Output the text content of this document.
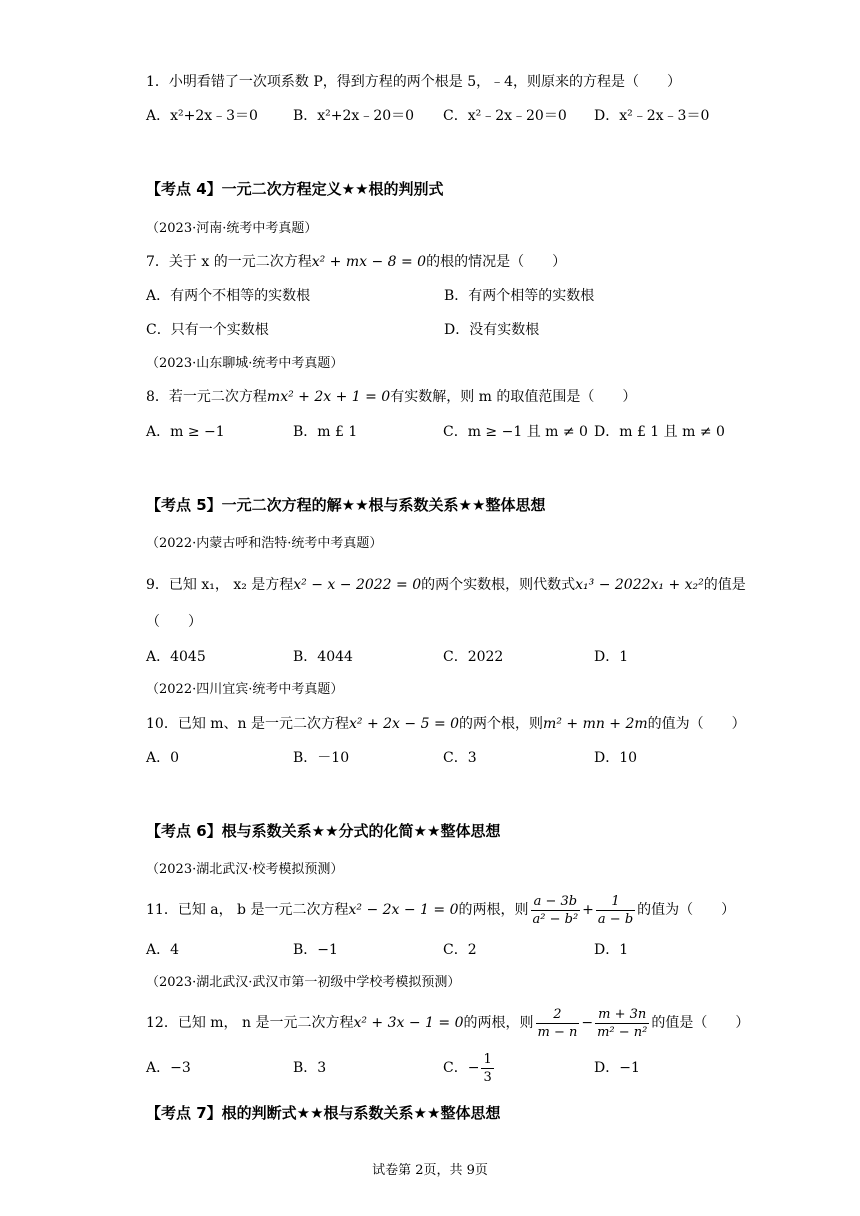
1．小明看错了一次项系数 P，得到方程的两个根是 5，﹣4，则原来的方程是（　　）
A．x²+2x﹣3＝0	B．x²+2x﹣20＝0 C．x²﹣2x﹣20＝0 D．x²﹣2x﹣3＝0
【考点 4】一元二次方程定义★★根的判别式
（2023·河南·统考中考真题）
7．关于 x 的一元二次方程x² + mx − 8 = 0的根的情况是（　　）
A．有两个不相等的实数根	B．有两个相等的实数根
C．只有一个实数根	D．没有实数根
（2023·山东聊城·统考中考真题）
8．若一元二次方程mx² + 2x + 1 = 0有实数解，则 m 的取值范围是（　　）
A．m ≥ −1	B．m £ 1	C．m ≥ −1 且 m ≠ 0 D．m £ 1 且 m ≠ 0
【考点 5】一元二次方程的解★★根与系数关系★★整体思想
（2022·内蒙古呼和浩特·统考中考真题）
9．已知 x₁， x₂ 是方程x² − x − 2022 = 0的两个实数根，则代数式x₁³ − 2022x₁ + x₂²的值是
（　　）
A．4045	B．4044	C．2022	D．1
（2022·四川宜宾·统考中考真题）
10．已知 m、n 是一元二次方程x² + 2x − 5 = 0的两个根，则m² + mn + 2m的值为（　　）
A．0	B．－10	C．3	D．10
【考点 6】根与系数关系★★分式的化简★★整体思想
（2023·湖北武汉·校考模拟预测）
11．已知 a， b 是一元二次方程x² − 2x − 1 = 0的两根，则 $\frac{a - 3b}{\text{a² − b²}} + \frac{1}{a - b}$ 的值为（　　）
A．4	B．−1	C．2	D．1
（2023·湖北武汉·武汉市第一初级中学校考模拟预测）
12．已知 m， n 是一元二次方程x² + 3x − 1 = 0的两根，则 $\frac{2}{m - n} - \frac{m + 3n}{\text{m² − n²}}$ 的值是（　　）
A．−3	B．3	C．− $\frac{1}{3}$	D．−1
【考点 7】根的判断式★★根与系数关系★★整体思想
试卷第 2页，共 9页
